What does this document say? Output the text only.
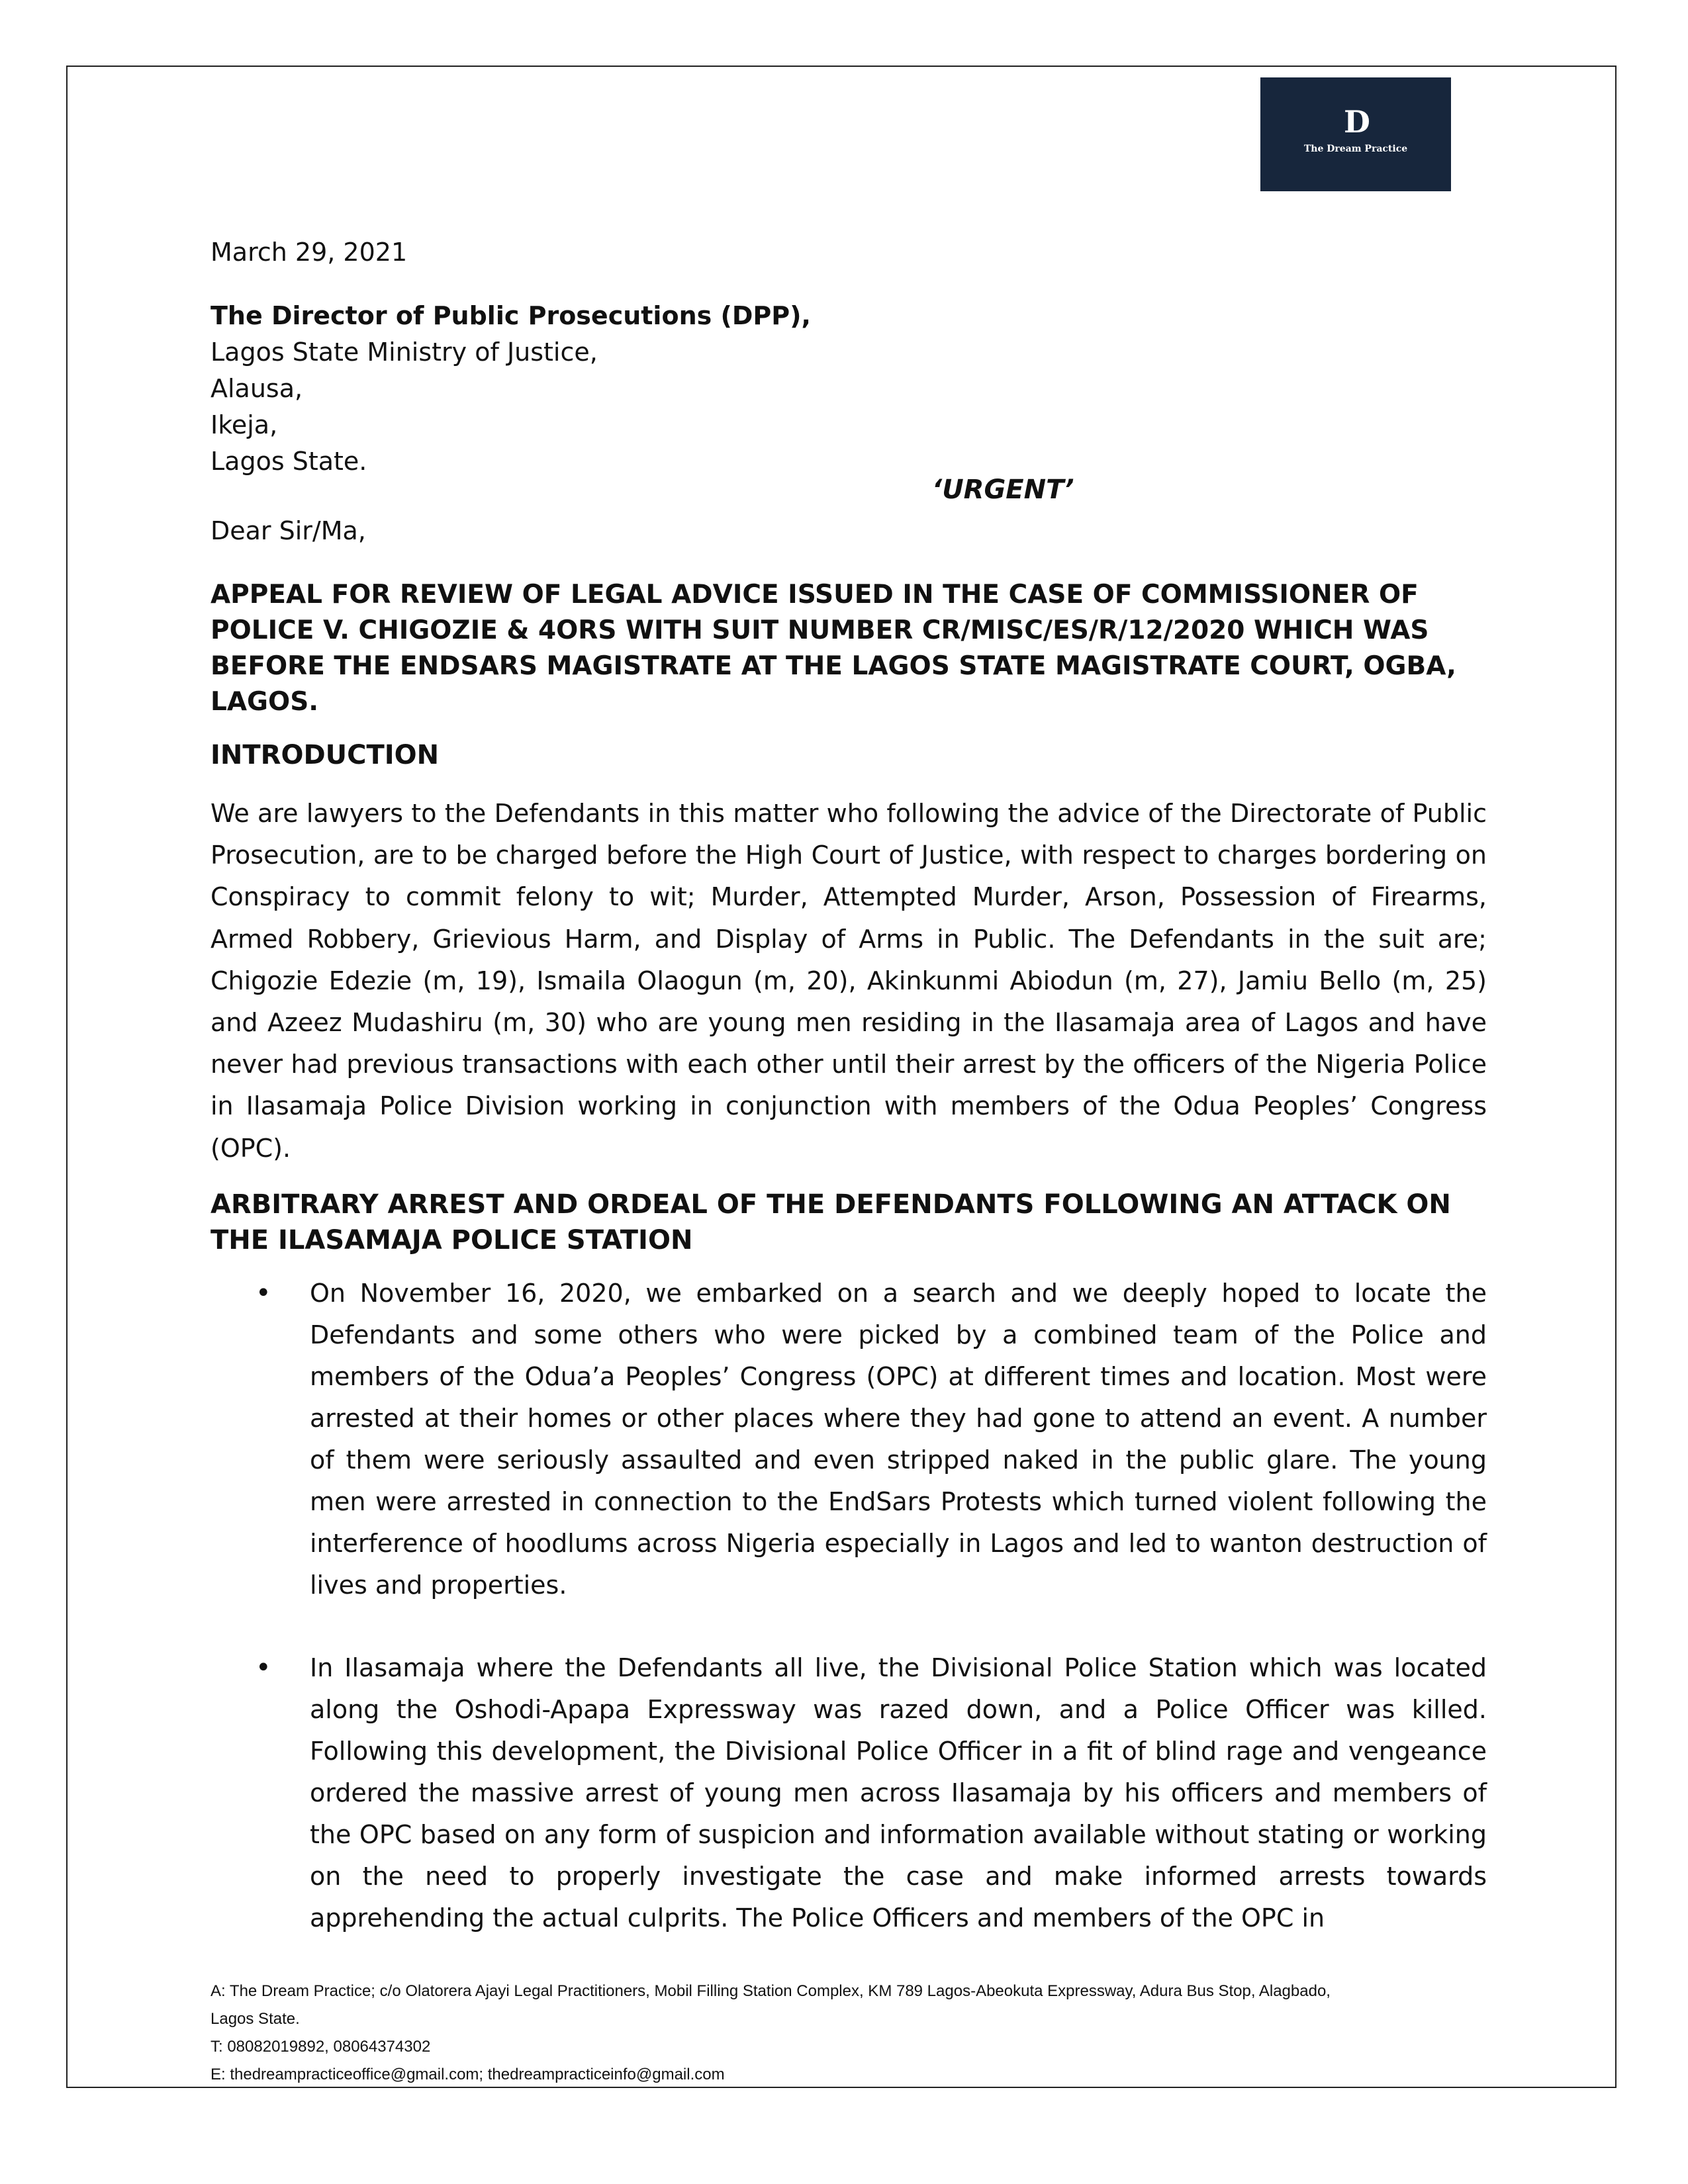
D
The Dream Practice
March 29, 2021
The Director of Public Prosecutions (DPP),
Lagos State Ministry of Justice,
Alausa,
Ikeja,
Lagos State.
‘URGENT’
Dear Sir/Ma,
APPEAL FOR REVIEW OF LEGAL ADVICE ISSUED IN THE CASE OF COMMISSIONER OF POLICE V. CHIGOZIE & 4ORS WITH SUIT NUMBER CR/MISC/ES/R/12/2020 WHICH WAS BEFORE THE ENDSARS MAGISTRATE AT THE LAGOS STATE MAGISTRATE COURT, OGBA, LAGOS.
INTRODUCTION
We are lawyers to the Defendants in this matter who following the advice of the Directorate of Public Prosecution, are to be charged before the High Court of Justice, with respect to charges bordering on Conspiracy to commit felony to wit; Murder, Attempted Murder, Arson, Possession of Firearms, Armed Robbery, Grievious Harm, and Display of Arms in Public. The Defendants in the suit are; Chigozie Edezie (m, 19), Ismaila Olaogun (m, 20), Akinkunmi Abiodun (m, 27), Jamiu Bello (m, 25) and Azeez Mudashiru (m, 30) who are young men residing in the Ilasamaja area of Lagos and have never had previous transactions with each other until their arrest by the officers of the Nigeria Police in Ilasamaja Police Division working in conjunction with members of the Odua Peoples’ Congress (OPC).
ARBITRARY ARREST AND ORDEAL OF THE DEFENDANTS FOLLOWING AN ATTACK ON THE ILASAMAJA POLICE STATION
• On November 16, 2020, we embarked on a search and we deeply hoped to locate the Defendants and some others who were picked by a combined team of the Police and members of the Odua’a Peoples’ Congress (OPC) at different times and location. Most were arrested at their homes or other places where they had gone to attend an event. A number of them were seriously assaulted and even stripped naked in the public glare. The young men were arrested in connection to the EndSars Protests which turned violent following the interference of hoodlums across Nigeria especially in Lagos and led to wanton destruction of lives and properties.
• In Ilasamaja where the Defendants all live, the Divisional Police Station which was located along the Oshodi-Apapa Expressway was razed down, and a Police Officer was killed. Following this development, the Divisional Police Officer in a fit of blind rage and vengeance ordered the massive arrest of young men across Ilasamaja by his officers and members of the OPC based on any form of suspicion and information available without stating or working on the need to properly investigate the case and make informed arrests towards apprehending the actual culprits. The Police Officers and members of the OPC in
A: The Dream Practice; c/o Olatorera Ajayi Legal Practitioners, Mobil Filling Station Complex, KM 789 Lagos-Abeokuta Expressway, Adura Bus Stop, Alagbado,
Lagos State.
T: 08082019892, 08064374302
E: thedreampracticeoffice@gmail.com; thedreampracticeinfo@gmail.com
